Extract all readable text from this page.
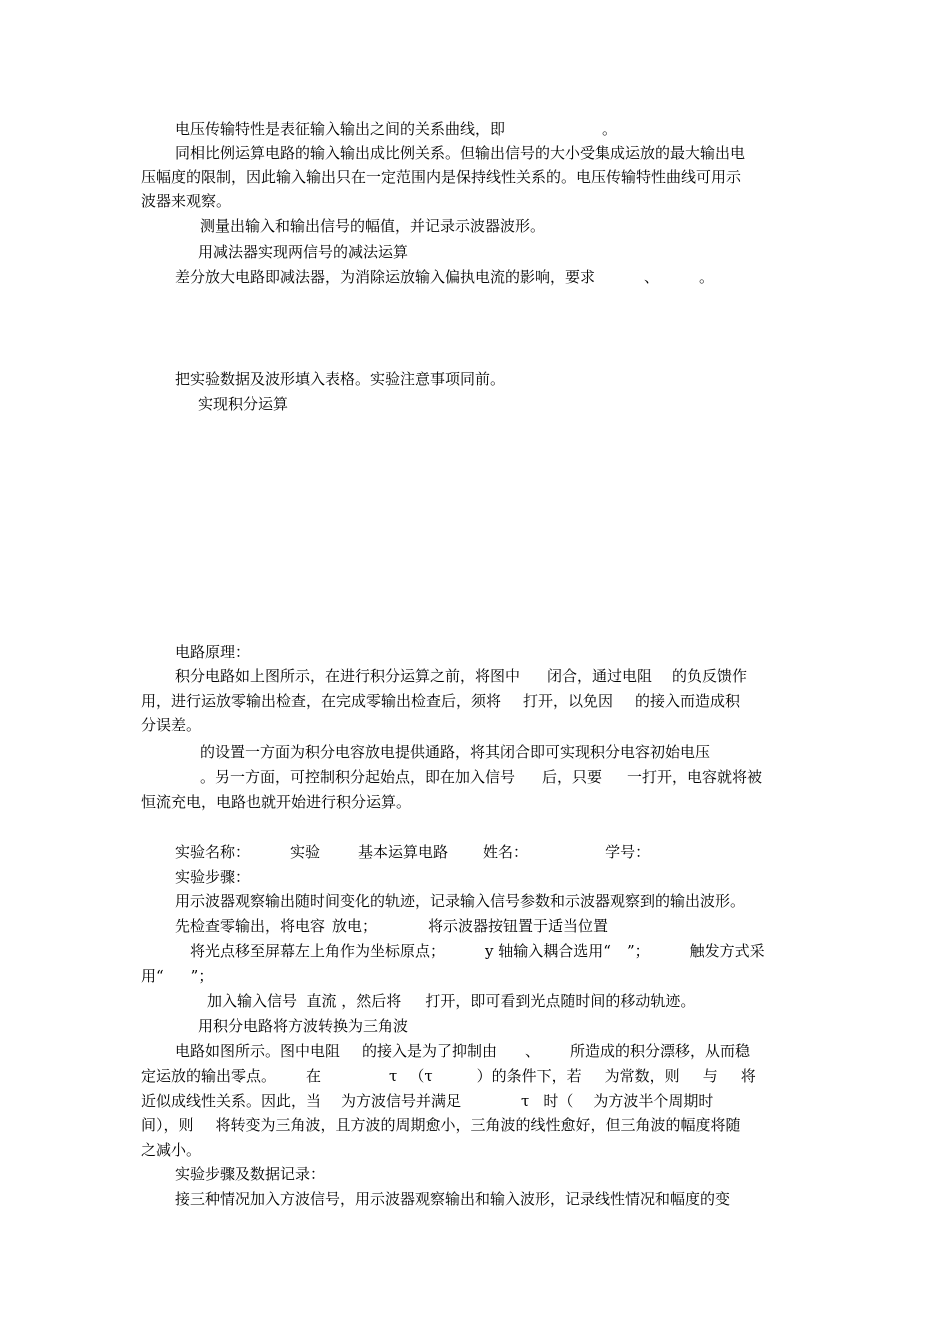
电压传输特性是表征输入输出之间的关系曲线，即	。

同相比例运算电路的输入输出成比例关系。但输出信号的大小受集成运放的最大输出电

压幅度的限制，因此输入输出只在一定范围内是保持线性关系的。电压传输特性曲线可用示

波器来观察。

测量出输入和输出信号的幅值，并记录示波器波形。

用减法器实现两信号的减法运算

差分放大电路即减法器，为消除运放输入偏执电流的影响，要求	、	。

把实验数据及波形填入表格。实验注意事项同前。

实现积分运算

电路原理：

积分电路如上图所示，在进行积分运算之前，将图中 闭合，通过电阻 的负反馈作

用，进行运放零输出检查，在完成零输出检查后，须将 打开，以免因 的接入而造成积

分误差。

的设置一方面为积分电容放电提供通路，将其闭合即可实现积分电容初始电压

。另一方面，可控制积分起始点，即在加入信号 后，只要 一打开，电容就将被

恒流充电，电路也就开始进行积分运算。

实验名称：	实验	基本运算电路 姓名：	学号：

实验步骤：

用示波器观察输出随时间变化的轨迹，记录输入信号参数和示波器观察到的输出波形。

先检查零输出，将电容 放电；	将示波器按钮置于适当位置

将光点移至屏幕左上角作为坐标原点；	y 轴输入耦合选用“ ”；	触发方式采

用“ ”；

加入输入信号  直流 ，然后将 打开，即可看到光点随时间的移动轨迹。

用积分电路将方波转换为三角波

电路如图所示。图中电阻 的接入是为了抑制由 、 所造成的积分漂移，从而稳

定运放的输出零点。 在	τ （τ	）的条件下，若 为常数，则 与 将

近似成线性关系。因此，当 为方波信号并满足	τ 时（ 为方波半个周期时

间），则 将转变为三角波，且方波的周期愈小，三角波的线性愈好，但三角波的幅度将随

之减小。

实验步骤及数据记录：

接三种情况加入方波信号，用示波器观察输出和输入波形，记录线性情况和幅度的变
